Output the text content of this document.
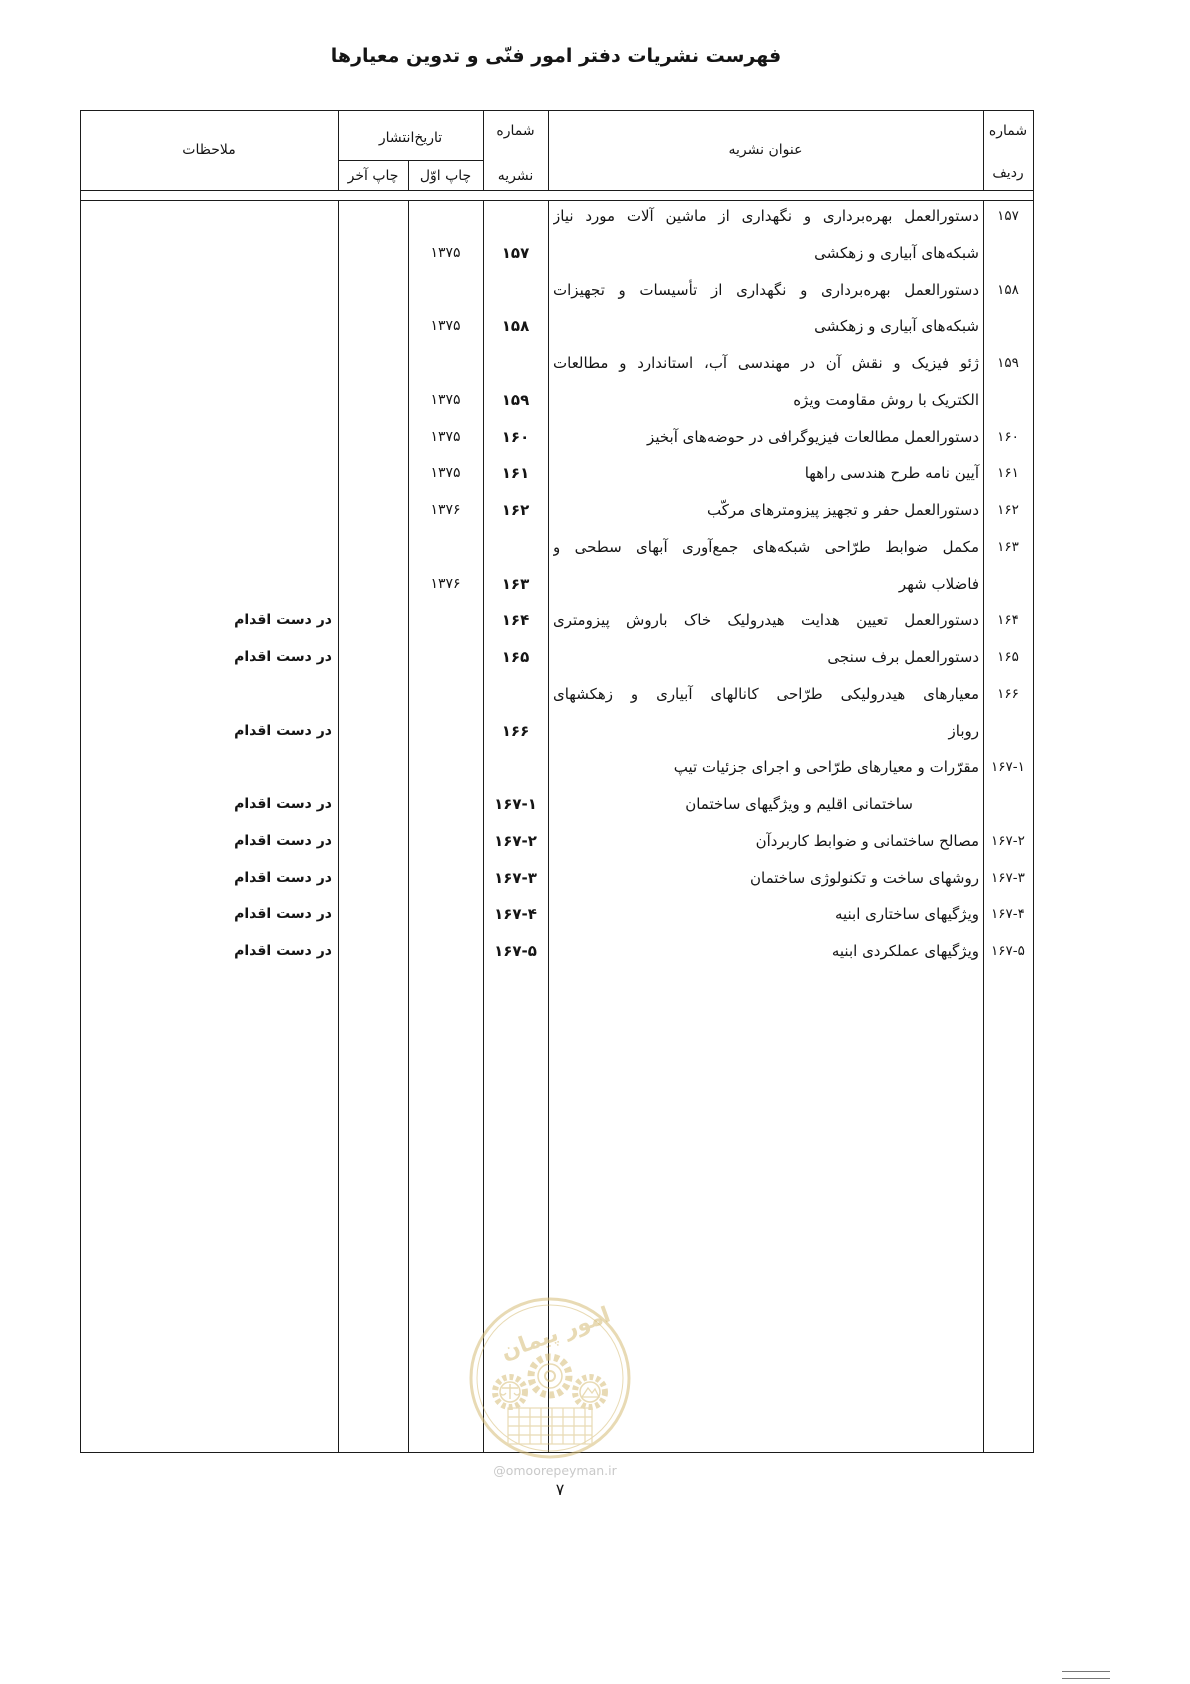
فهرست نشریات دفتر امور فنّی و تدوین معیارها
شماره
ردیف
عنوان نشریه
شماره
نشریه
تاریخ‌انتشار
چاپ اوّل
چاپ آخر
ملاحظات
۱۵۷
دستورالعمل بهره‌برداری و نگهداری از ماشین آلات مورد نیاز
شبکه‌های آبیاری و زهکشی
۱۵۷
۱۳۷۵
۱۵۸
دستورالعمل بهره‌برداری و نگهداری از تأسیسات و تجهیزات
شبکه‌های آبیاری و زهکشی
۱۵۸
۱۳۷۵
۱۵۹
ژئو فیزیک و نقش آن در مهندسی آب، استاندارد و مطالعات
الکتریک با روش مقاومت ویژه
۱۵۹
۱۳۷۵
۱۶۰
دستورالعمل مطالعات فیزیوگرافی در حوضه‌های آبخیز
۱۶۰
۱۳۷۵
۱۶۱
آیین نامه طرح هندسی راهها
۱۶۱
۱۳۷۵
۱۶۲
دستورالعمل حفر و تجهیز پیزومترهای مرکّب
۱۶۲
۱۳۷۶
۱۶۳
مکمل ضوابط طرّاحی شبکه‌های جمع‌آوری آبهای سطحی و
فاضلاب شهر
۱۶۳
۱۳۷۶
۱۶۴
دستورالعمل تعیین هدایت هیدرولیک خاک باروش پیزومتری
۱۶۴
در دست اقدام
۱۶۵
دستورالعمل برف سنجی
۱۶۵
در دست اقدام
۱۶۶
معیارهای هیدرولیکی طرّاحی کانالهای آبیاری و زهکشهای
روباز
۱۶۶
در دست اقدام
۱۶۷-۱
مقرّرات و معیارهای طرّاحی و اجرای جزئیات تیپ
ساختمانی اقلیم و ویژگیهای ساختمان
۱۶۷-۱
در دست اقدام
۱۶۷-۲
مصالح ساختمانی و ضوابط کاربردآن
۱۶۷-۲
در دست اقدام
۱۶۷-۳
روشهای ساخت و تکنولوژی ساختمان
۱۶۷-۳
در دست اقدام
۱۶۷-۴
ویژگیهای ساختاری ابنیه
۱۶۷-۴
در دست اقدام
۱۶۷-۵
ویژگیهای عملکردی ابنیه
۱۶۷-۵
در دست اقدام
امور پیمان
@omoorepeyman.ir
۷
